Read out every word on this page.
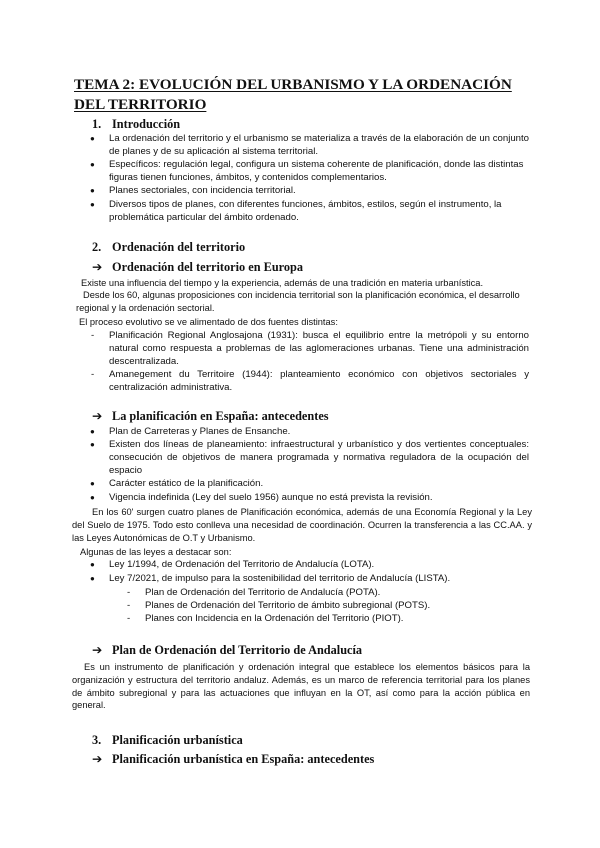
TEMA 2: EVOLUCIÓN DEL URBANISMO Y LA ORDENACIÓN DEL TERRITORIO
1. Introducción
● La ordenación del territorio y el urbanismo se materializa a través de la elaboración de un conjunto de planes y de su aplicación al sistema territorial.
● Específicos: regulación legal, configura un sistema coherente de planificación, donde las distintas figuras tienen funciones, ámbitos, y contenidos complementarios.
● Planes sectoriales, con incidencia territorial.
● Diversos tipos de planes, con diferentes funciones, ámbitos, estilos, según el instrumento, la problemática particular del ámbito ordenado.
2. Ordenación del territorio
➔ Ordenación del territorio en Europa
Existe una influencia del tiempo y la experiencia, además de una tradición en materia urbanística.
Desde los 60, algunas proposiciones con incidencia territorial son la planificación económica, el desarrollo regional y la ordenación sectorial.
El proceso evolutivo se ve alimentado de dos fuentes distintas:
- Planificación Regional Anglosajona (1931): busca el equilibrio entre la metrópoli y su entorno natural como respuesta a problemas de las aglomeraciones urbanas. Tiene una administración descentralizada.
- Amanegement du Territoire (1944): planteamiento económico con objetivos sectoriales y centralización administrativa.
➔ La planificación en España: antecedentes
● Plan de Carreteras y Planes de Ensanche.
● Existen dos líneas de planeamiento: infraestructural y urbanístico y dos vertientes conceptuales: consecución de objetivos de manera programada y normativa reguladora de la ocupación del espacio
● Carácter estático de la planificación.
● Vigencia indefinida (Ley del suelo 1956) aunque no está prevista la revisión.
En los 60' surgen cuatro planes de Planificación económica, además de una Economía Regional y la Ley del Suelo de 1975. Todo esto conlleva una necesidad de coordinación. Ocurren la transferencia a las CC.AA. y las Leyes Autonómicas de O.T y Urbanismo.
Algunas de las leyes a destacar son:
● Ley 1/1994, de Ordenación del Territorio de Andalucía (LOTA).
● Ley 7/2021, de impulso para la sostenibilidad del territorio de Andalucía (LISTA).
- Plan de Ordenación del Territorio de Andalucía (POTA).
- Planes de Ordenación del Territorio de ámbito subregional (POTS).
- Planes con Incidencia en la Ordenación del Territorio (PIOT).
➔ Plan de Ordenación del Territorio de Andalucía
Es un instrumento de planificación y ordenación integral que establece los elementos básicos para la organización y estructura del territorio andaluz. Además, es un marco de referencia territorial para los planes de ámbito subregional y para las actuaciones que influyan en la OT, así como para la acción pública en general.
3. Planificación urbanística
➔ Planificación urbanística en España: antecedentes
